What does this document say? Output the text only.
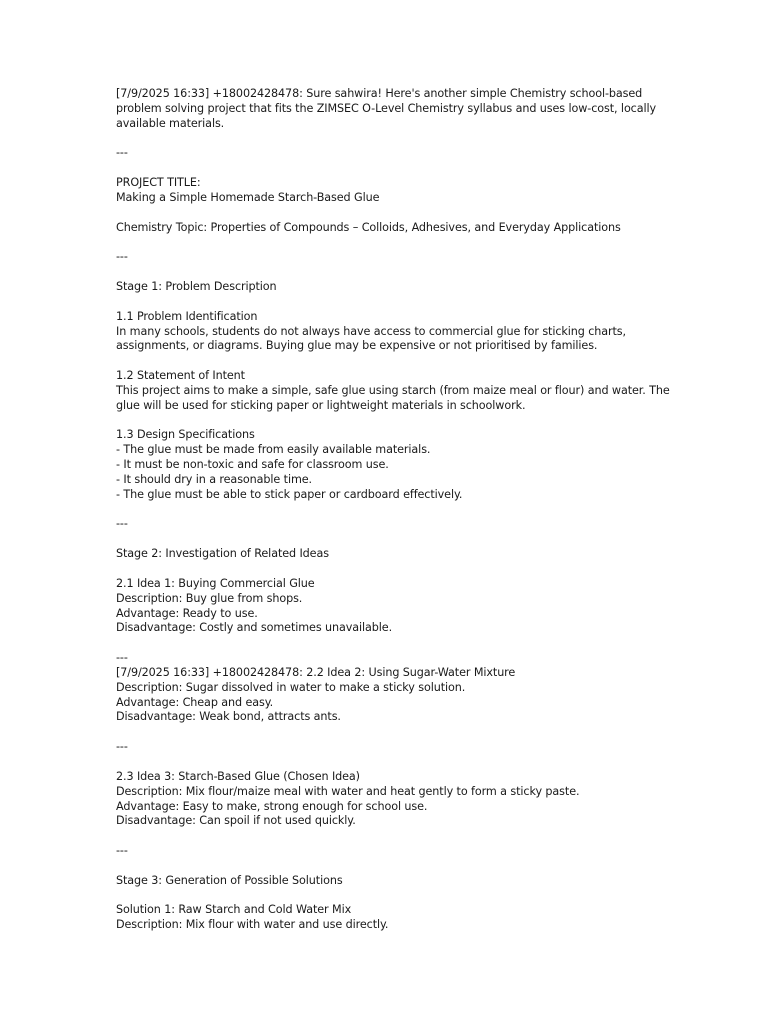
[7/9/2025 16:33] +18002428478: Sure sahwira! Here's another simple Chemistry school-based
problem solving project that fits the ZIMSEC O-Level Chemistry syllabus and uses low-cost, locally
available materials.
---
PROJECT TITLE:
Making a Simple Homemade Starch-Based Glue
Chemistry Topic: Properties of Compounds – Colloids, Adhesives, and Everyday Applications
---
Stage 1: Problem Description
1.1 Problem Identification
In many schools, students do not always have access to commercial glue for sticking charts,
assignments, or diagrams. Buying glue may be expensive or not prioritised by families.
1.2 Statement of Intent
This project aims to make a simple, safe glue using starch (from maize meal or flour) and water. The
glue will be used for sticking paper or lightweight materials in schoolwork.
1.3 Design Specifications
- The glue must be made from easily available materials.
- It must be non-toxic and safe for classroom use.
- It should dry in a reasonable time.
- The glue must be able to stick paper or cardboard effectively.
---
Stage 2: Investigation of Related Ideas
2.1 Idea 1: Buying Commercial Glue
Description: Buy glue from shops.
Advantage: Ready to use.
Disadvantage: Costly and sometimes unavailable.
---
[7/9/2025 16:33] +18002428478: 2.2 Idea 2: Using Sugar-Water Mixture
Description: Sugar dissolved in water to make a sticky solution.
Advantage: Cheap and easy.
Disadvantage: Weak bond, attracts ants.
---
2.3 Idea 3: Starch-Based Glue (Chosen Idea)
Description: Mix flour/maize meal with water and heat gently to form a sticky paste.
Advantage: Easy to make, strong enough for school use.
Disadvantage: Can spoil if not used quickly.
---
Stage 3: Generation of Possible Solutions
Solution 1: Raw Starch and Cold Water Mix
Description: Mix flour with water and use directly.
